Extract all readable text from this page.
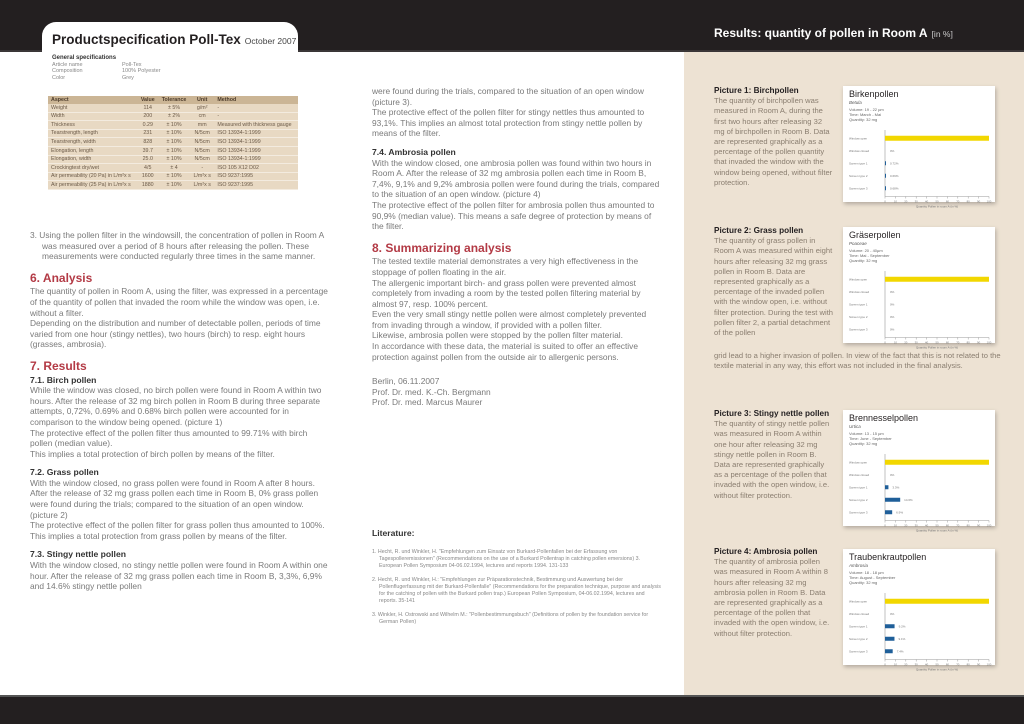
Productspecification Poll-Tex October 2007
General specifications
Article name	Poll-Tex
Composition	100% Polyester
Color	Grey
Aspect	Value	Tolerance	Unit	Method
Weight	114	± 5%	g/m²	-
Width	200	± 2%	cm	-
Thickness	0.29	± 10%	mm	Measured with thickness gauge
Tearstrength, length	231	± 10%	N/5cm	ISO 13934-1:1999
Tearstrength, width	828	± 10%	N/5cm	ISO 13934-1:1999
Elongation, length	39.7	± 10%	N/5cm	ISO 13934-1:1999
Elongation, width	25.0	± 10%	N/5cm	ISO 13934-1:1999
Crockingtest dry/wet	4/5	± 4	-	ISO 105 X12 D02
Air permeability (20 Pa) in L/m²x s	1600	± 10%	L/m²x s	ISO 9237:1995
Air permeability (25 Pa) in L/m²x s	1880	± 10%	L/m²x s	ISO 9237:1995

3. Using the pollen filter in the windowsill, the concentration of pollen in Room A was measured over a period of 8 hours after releasing the pollen. These measurements were conducted regularly three times in the same manner.

6. Analysis

The quantity of pollen in Room A, using the filter, was expressed in a percentage of the quantity of pollen that invaded the room while the window was open, i.e. without a filter.

Depending on the distribution and number of detectable pollen, periods of time varied from one hour (stingy nettles), two hours (birch) to resp. eight hours (grasses, ambrosia).

7. Results
7.1. Birch pollen

While the window was closed, no birch pollen were found in Room A within two hours. After the release of 32 mg birch pollen in Room B during three separate attempts, 0,72%, 0.69% and 0.68% birch pollen were accounted for in comparison to the window being opened. (picture 1)

The protective effect of the pollen filter thus amounted to 99.71% with birch pollen (median value).

This implies a total protection of birch pollen by means of the filter.

7.2. Grass pollen

With the window closed, no grass pollen were found in Room A after 8 hours. After the release of 32 mg grass pollen each time in Room B, 0% grass pollen were found during the trials; compared to the situation of an open window. (picture 2)

The protective effect of the pollen filter for grass pollen thus amounted to 100%. This implies a total protection from grass pollen by means of the filter.

7.3. Stingy nettle pollen

With the window closed, no stingy nettle pollen were found in Room A within one hour. After the release of 32 mg grass pollen each time in Room B, 3,3%, 6,9% and 14.6% stingy nettle pollen

were found during the trials, compared to the situation of an open window (picture 3).

The protective effect of the pollen filter for stingy nettles thus amounted to 93,1%. This implies an almost total protection from stingy nettle pollen by means of the filter.

7.4. Ambrosia pollen

With the window closed, one ambrosia pollen was found within two hours in Room A. After the release of 32 mg ambrosia pollen each time in Room B, 7,4%, 9,1% and 9,2% ambrosia pollen were found during the trials, compared to the situation of an open window. (picture 4)

The protective effect of the pollen filter for ambrosia pollen thus amounted to 90,9% (median value). This means a safe degree of protection by means of the filter.

8. Summarizing analysis

The tested textile material demonstrates a very high effectiveness in the stoppage of pollen floating in the air.

The allergenic important birch- and grass pollen were prevented almost completely from invading a room by the tested pollen filtering material by almost 97, resp. 100% percent.

Even the very small stingy nettle pollen were almost completely prevented from invading through a window, if provided with a pollen filter.

Likewise, ambrosia pollen were stopped by the pollen filter material.

In accordance with these data, the material is suited to offer an effective protection against pollen from the outside air to allergenic persons.

Berlin, 06.11.2007

Prof. Dr. med. K.-Ch. Bergmann

Prof. Dr. med. Marcus Maurer

Literature:
1. Hecht, R. und Winkler, H. "Empfehlungen zum Einsatz von Burkard-Pollenfallen bei der Erfassung von Tagespolleremissionen" (Recommendations on the use of a Burkard Pollentrap in catching pollen emersions) 3. European Pollen Symposium 04-06.02.1994, lectures and reports 1994. 131-133
2. Hecht, R. und Winkler, H.: "Empfehlungen zur Präparationstechnik, Bestimmung und Auswertung bei der Pollenflugerfassung mit der Burkard-Pollenfalle" (Recommendations for the preparation technique, purpose and analysis for the catching of pollen with the Burkard pollen trap.) European Pollen Symposium, 04-06.02.1994, lectures and reports. 35-141
3. Winkler, H. Ostrowski and Wilhelm M.: "Pollenbestimmungsbuch" (Definitions of pollen by the foundation service for German Pollen)
Results: quantity of pollen in Room A [in %]
Picture 1: Birchpollen

The quantity of birchpollen was measured in Room A, during the first two hours after releasing 32 mg of birchpollen in Room B. Data are represented graphically as a percentage of the pollen quantity that invaded the window with the window being opened, without filter protection.

Picture 2: Grass pollen

The quantity of grass pollen in Room A was measured within eight hours after releasing 32 mg grass pollen in Room B. Data are represented graphically as a percentage of the invaded pollen with the window open, i.e. without filter protection. During the test with pollen filter 2, a partial detachment of the pollen

grid lead to a higher invasion of pollen. In view of the fact that this is not related to the textile material in any way, this effort was not included in the final analysis.

Picture 3: Stingy nettle pollen

The quantity of stingy nettle pollen was measured in Room A within one hour after releasing 32 mg stingy nettle pollen in Room B. Data are represented graphically as a percentage of the pollen that invaded with the open window, i.e. without filter protection.

Picture 4: Ambrosia pollen

The quantity of ambrosia pollen was measured in Room A within 8 hours after releasing 32 mg ambrosia pollen in Room B. Data are represented graphically as a percentage of the pollen that invaded with the open window, i.e. without filter protection.

Birkenpollen
Betula
Volume: 19 - 22 µm
Time: March - Mai
Quantity: 32 mg
0	10	20	30	40	50	60	70	80	90 100
Quantity Pollen in room A (in %)
Window open
Window closed	0%
Screen type 1	0.72%
Screen type 2	0.69%
Screen type 3	0.68%
Gräserpollen
Poaceae
Volume: 20 - 40µm
Time: Mai - September
Quantity: 32 mg
0	10	20	30	40	50	60	70	80	90 100
Quantity Pollen in room A (in %)
Window open
Window closed	0%
Screen type 1	0%
Screen type 2	0%
Screen type 3	0%
Brennesselpollen
Urtica
Volume: 13 - 15 µm
Time: June - September
Quantity: 32 mg
0	10	20	30	40	50	60	70	80	90 100
Quantity Pollen in room A (in %)
Window open
Window closed	0%
Screen type 1	3.3%
Screen type 2	14.6%
Screen type 3	6.9%
Traubenkrautpollen
Ambrosia
Volume: 18 - 18 µm
Time: August - September
Quantity: 32 mg
0	10	20	30	40	50	60	70	80	90 100
Quantity Pollen in room A (in %)
Window open
Window closed	0%
Screen type 1	9.2%
Screen type 2	9.1%
Screen type 3	7.4%
